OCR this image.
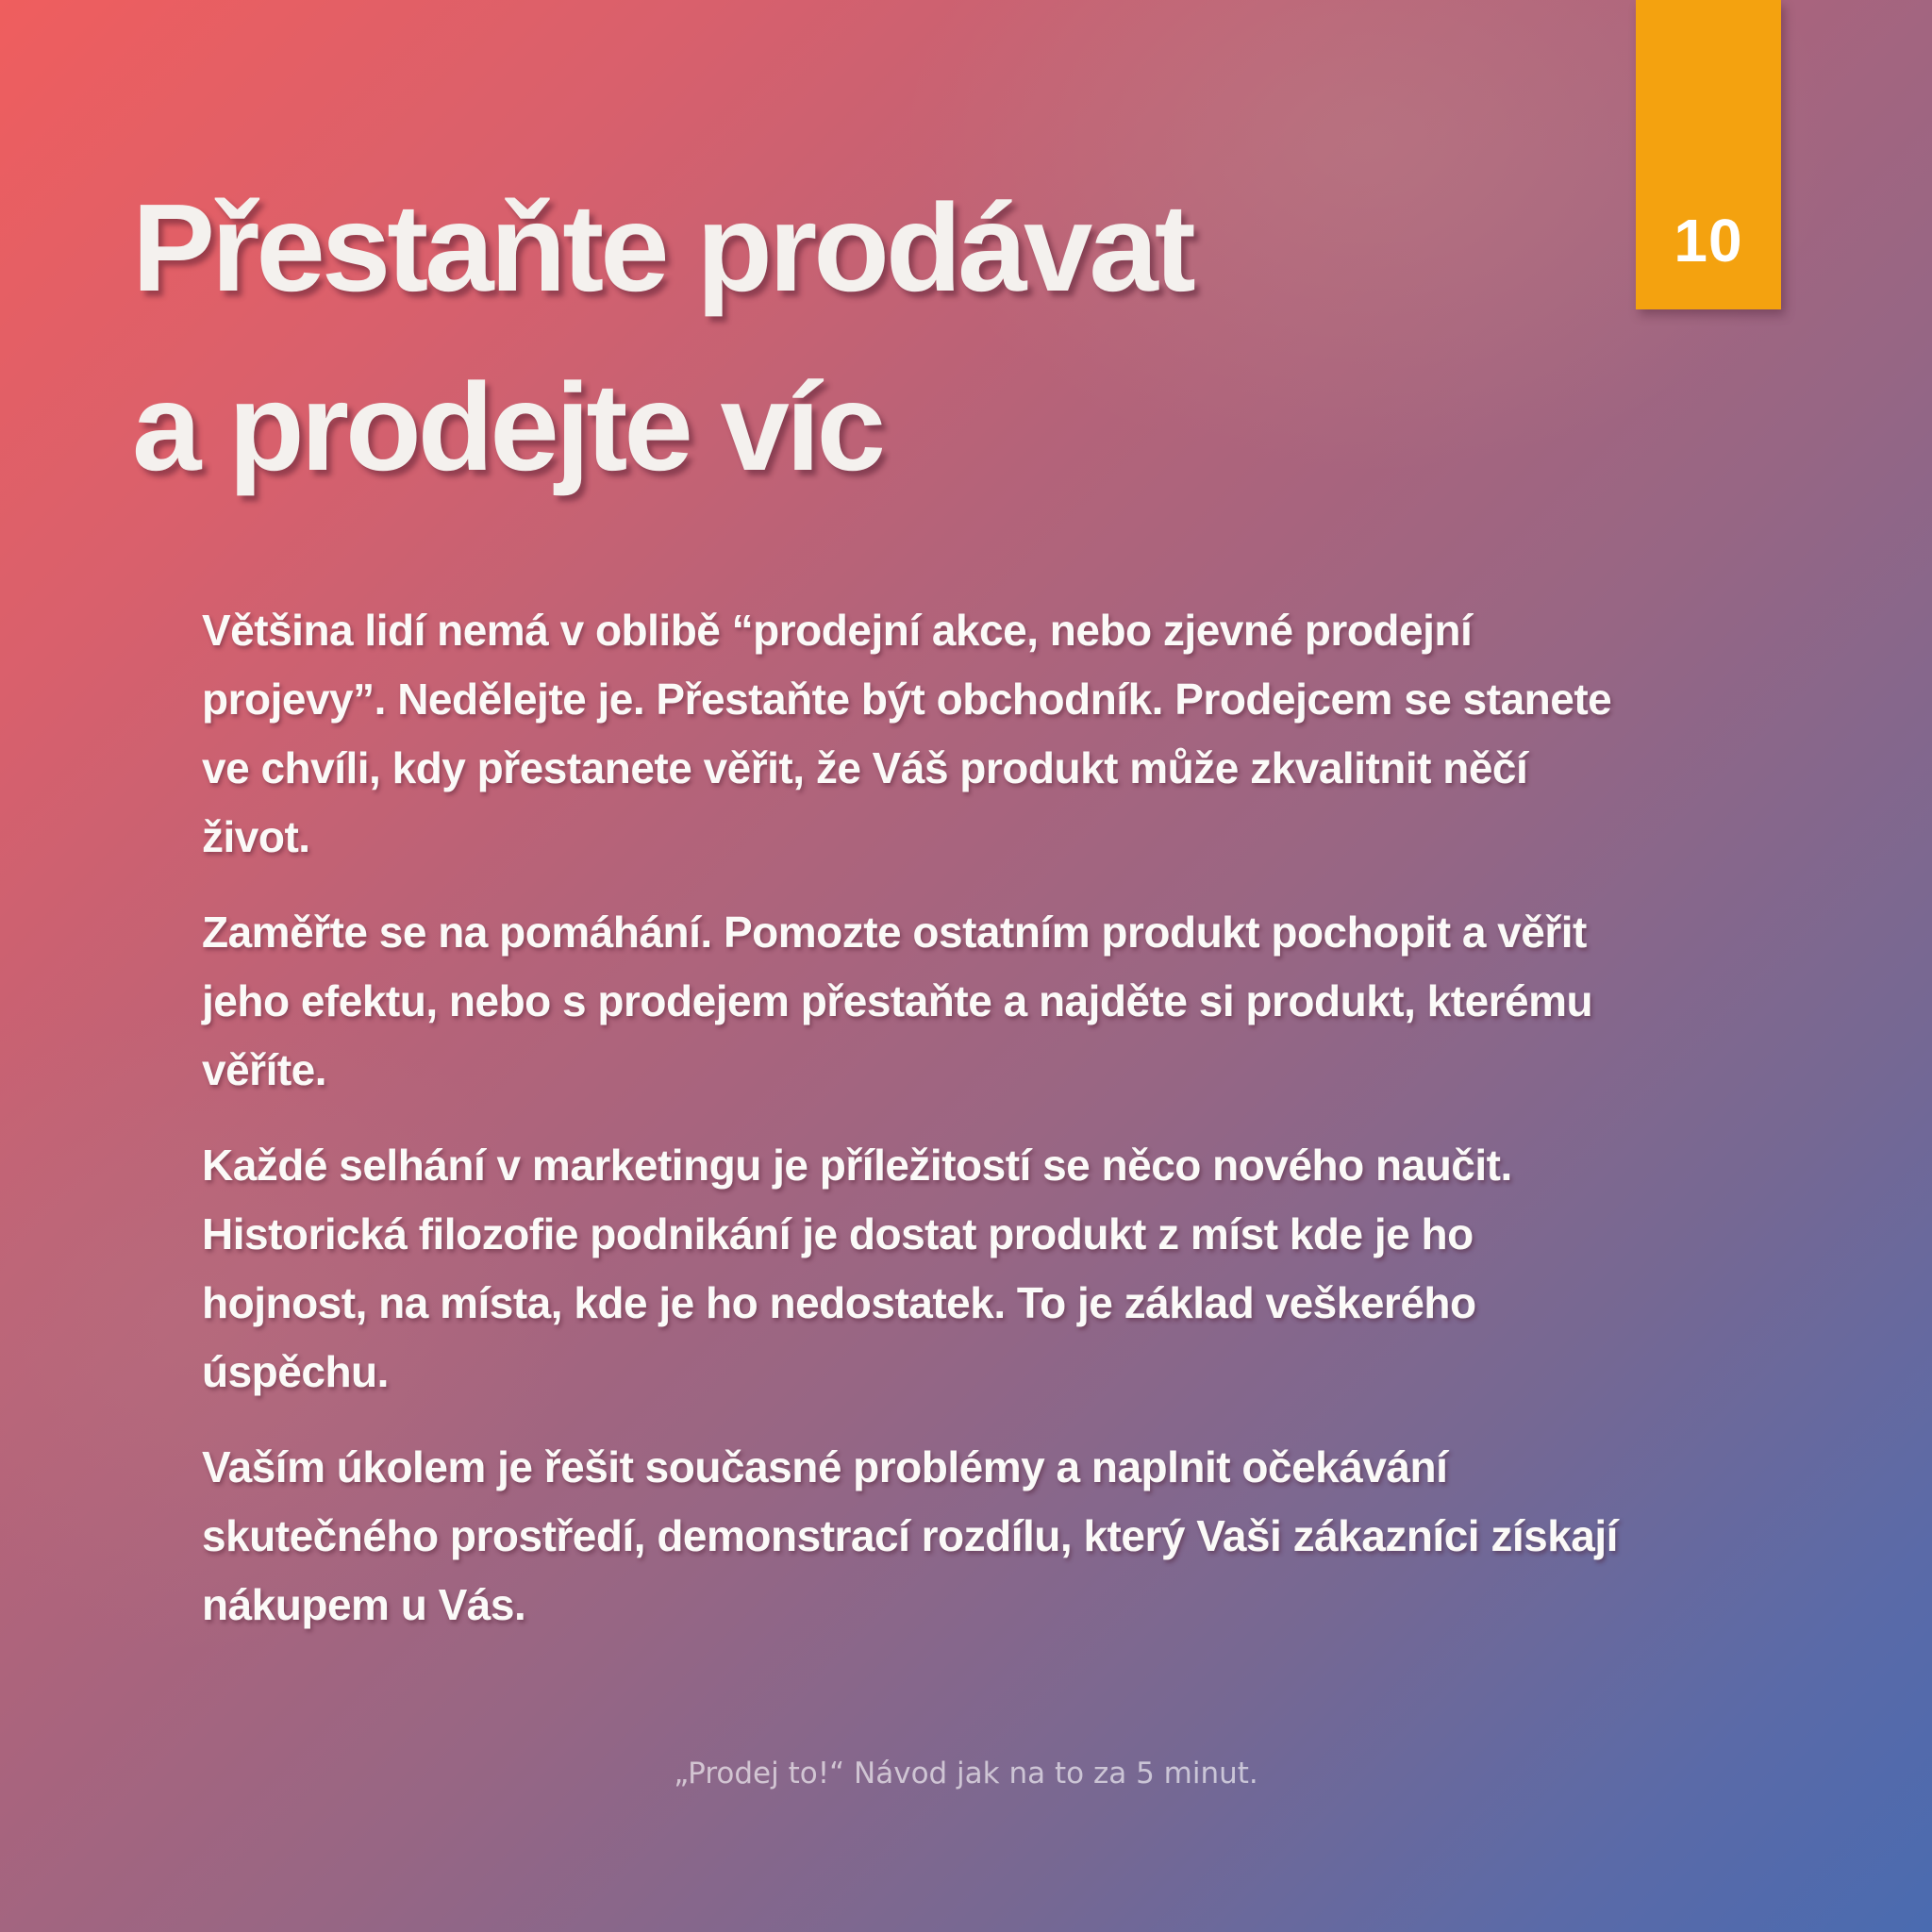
10
Přestaňte prodávat
a prodejte víc

Většina lidí nemá v oblibě “prodejní akce, nebo zjevné prodejní
projevy”. Nedělejte je. Přestaňte být obchodník. Prodejcem se stanete
ve chvíli, kdy přestanete věřit, že Váš produkt může zkvalitnit něčí
život.

Zaměřte se na pomáhání. Pomozte ostatním produkt pochopit a věřit
jeho efektu, nebo s prodejem přestaňte a najděte si produkt, kterému
věříte.

Každé selhání v marketingu je příležitostí se něco nového naučit.
Historická filozofie podnikání je dostat produkt z míst kde je ho
hojnost, na místa, kde je ho nedostatek. To je základ veškerého
úspěchu.

Vaším úkolem je řešit současné problémy a naplnit očekávání
skutečného prostředí, demonstrací rozdílu, který Vaši zákazníci získají
nákupem u Vás.

„Prodej to!“ Návod jak na to za 5 minut.
